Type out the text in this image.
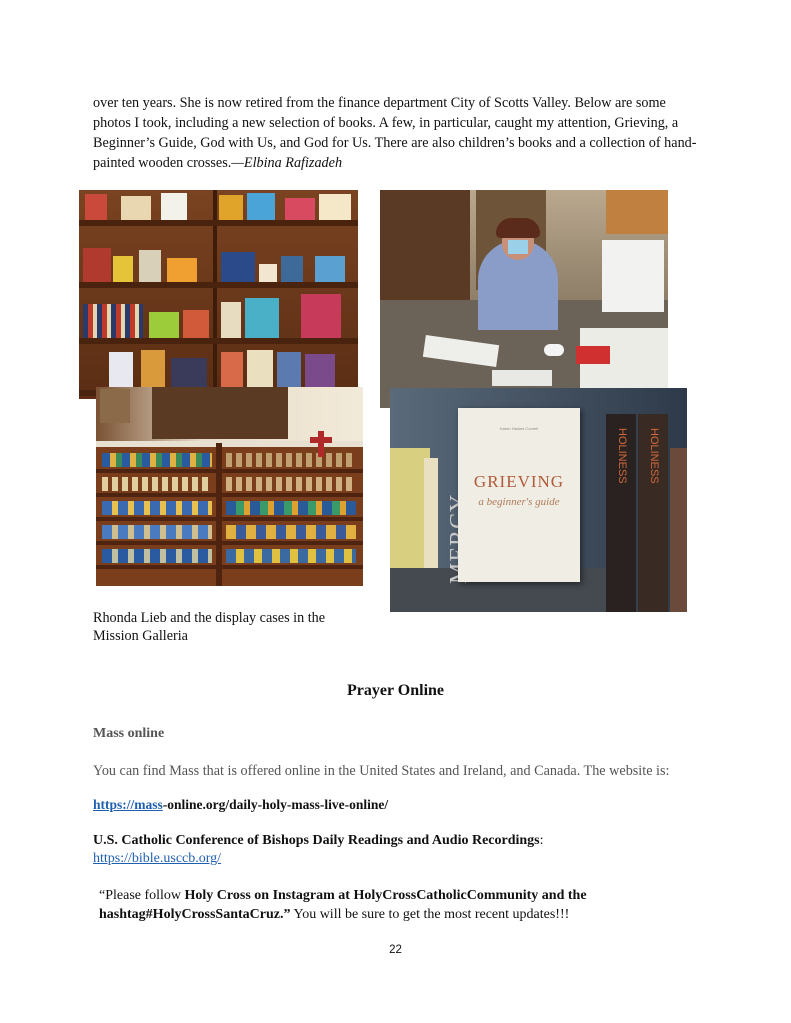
over ten years. She is now retired from the finance department City of Scotts Valley. Below are some photos I took, including a new selection of books. A few, in particular, caught my attention, Grieving, a Beginner’s Guide, God with Us, and God for Us. There are also children’s books and a collection of hand-painted wooden crosses.—Elbina Rafizadeh

Karen Haines Cornell
GRIEVING
a beginner's guide
HOLINESS HOLINESS

Rhonda Lieb and the display cases in the Mission Galleria

Prayer Online

Mass online

You can find Mass that is offered online in the United States and Ireland, and Canada. The website is:

https://mass-online.org/daily-holy-mass-live-online/

U.S. Catholic Conference of Bishops Daily Readings and Audio Recordings:

https://bible.usccb.org/

“Please follow Holy Cross on Instagram at HolyCrossCatholicCommunity and the hashtag#HolyCrossSantaCruz.” You will be sure to get the most recent updates!!!

22
